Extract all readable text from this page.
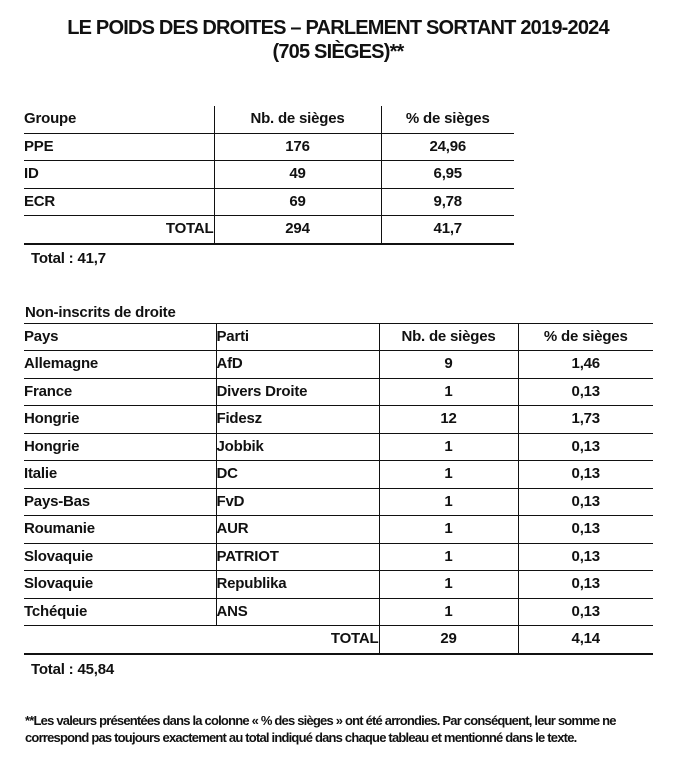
LE POIDS DES DROITES – PARLEMENT SORTANT 2019-2024
(705 SIÈGES)**
Groupe	Nb. de sièges	% de sièges
PPE	176	24,96
ID	49	6,95
ECR	69	9,78
TOTAL	294	41,7
Total : 41,7
Non-inscrits de droite
Pays	Parti	Nb. de sièges	% de sièges
Allemagne	AfD	9	1,46
France	Divers Droite	1	0,13
Hongrie	Fidesz	12	1,73
Hongrie	Jobbik	1	0,13
Italie	DC	1	0,13
Pays-Bas	FvD	1	0,13
Roumanie	AUR	1	0,13
Slovaquie	PATRIOT	1	0,13
Slovaquie	Republika	1	0,13
Tchéquie	ANS	1	0,13
TOTAL		29	4,14
Total : 45,84
**Les valeurs présentées dans la colonne « % des sièges » ont été arrondies. Par conséquent, leur somme ne
correspond pas toujours exactement au total indiqué dans chaque tableau et mentionné dans le texte.
